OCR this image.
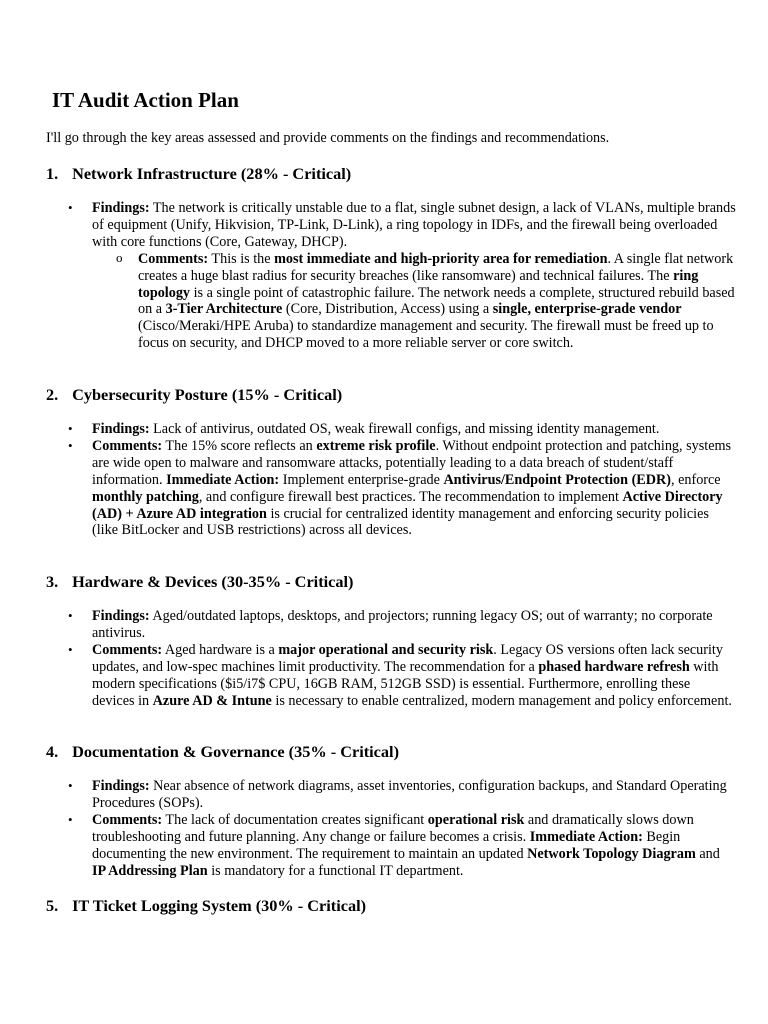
IT Audit Action Plan

I'll go through the key areas assessed and provide comments on the findings and recommendations.

1. Network Infrastructure (28% - Critical)
• Findings: The network is critically unstable due to a flat, single subnet design, a lack of VLANs, multiple brands of equipment (Unify, Hikvision, TP-Link, D-Link), a ring topology in IDFs, and the firewall being overloaded with core functions (Core, Gateway, DHCP).

o Comments: This is the most immediate and high-priority area for remediation. A single flat network creates a huge blast radius for security breaches (like ransomware) and technical failures. The ring topology is a single point of catastrophic failure. The network needs a complete, structured rebuild based on a 3-Tier Architecture (Core, Distribution, Access) using a single, enterprise-grade vendor (Cisco/Meraki/HPE Aruba) to standardize management and security. The firewall must be freed up to focus on security, and DHCP moved to a more reliable server or core switch.

2. Cybersecurity Posture (15% - Critical)
• Findings: Lack of antivirus, outdated OS, weak firewall configs, and missing identity management.

• Comments: The 15% score reflects an extreme risk profile. Without endpoint protection and patching, systems are wide open to malware and ransomware attacks, potentially leading to a data breach of student/staff information. Immediate Action: Implement enterprise-grade Antivirus/Endpoint Protection (EDR), enforce monthly patching, and configure firewall best practices. The recommendation to implement Active Directory (AD) + Azure AD integration is crucial for centralized identity management and enforcing security policies (like BitLocker and USB restrictions) across all devices.

3. Hardware & Devices (30-35% - Critical)
• Findings: Aged/outdated laptops, desktops, and projectors; running legacy OS; out of warranty; no corporate antivirus.

• Comments: Aged hardware is a major operational and security risk. Legacy OS versions often lack security updates, and low-spec machines limit productivity. The recommendation for a phased hardware refresh with modern specifications ($i5/i7$ CPU, 16GB RAM, 512GB SSD) is essential. Furthermore, enrolling these devices in Azure AD & Intune is necessary to enable centralized, modern management and policy enforcement.

4. Documentation & Governance (35% - Critical)
• Findings: Near absence of network diagrams, asset inventories, configuration backups, and Standard Operating Procedures (SOPs).

• Comments: The lack of documentation creates significant operational risk and dramatically slows down troubleshooting and future planning. Any change or failure becomes a crisis. Immediate Action: Begin documenting the new environment. The requirement to maintain an updated Network Topology Diagram and IP Addressing Plan is mandatory for a functional IT department.

5. IT Ticket Logging System (30% - Critical)
